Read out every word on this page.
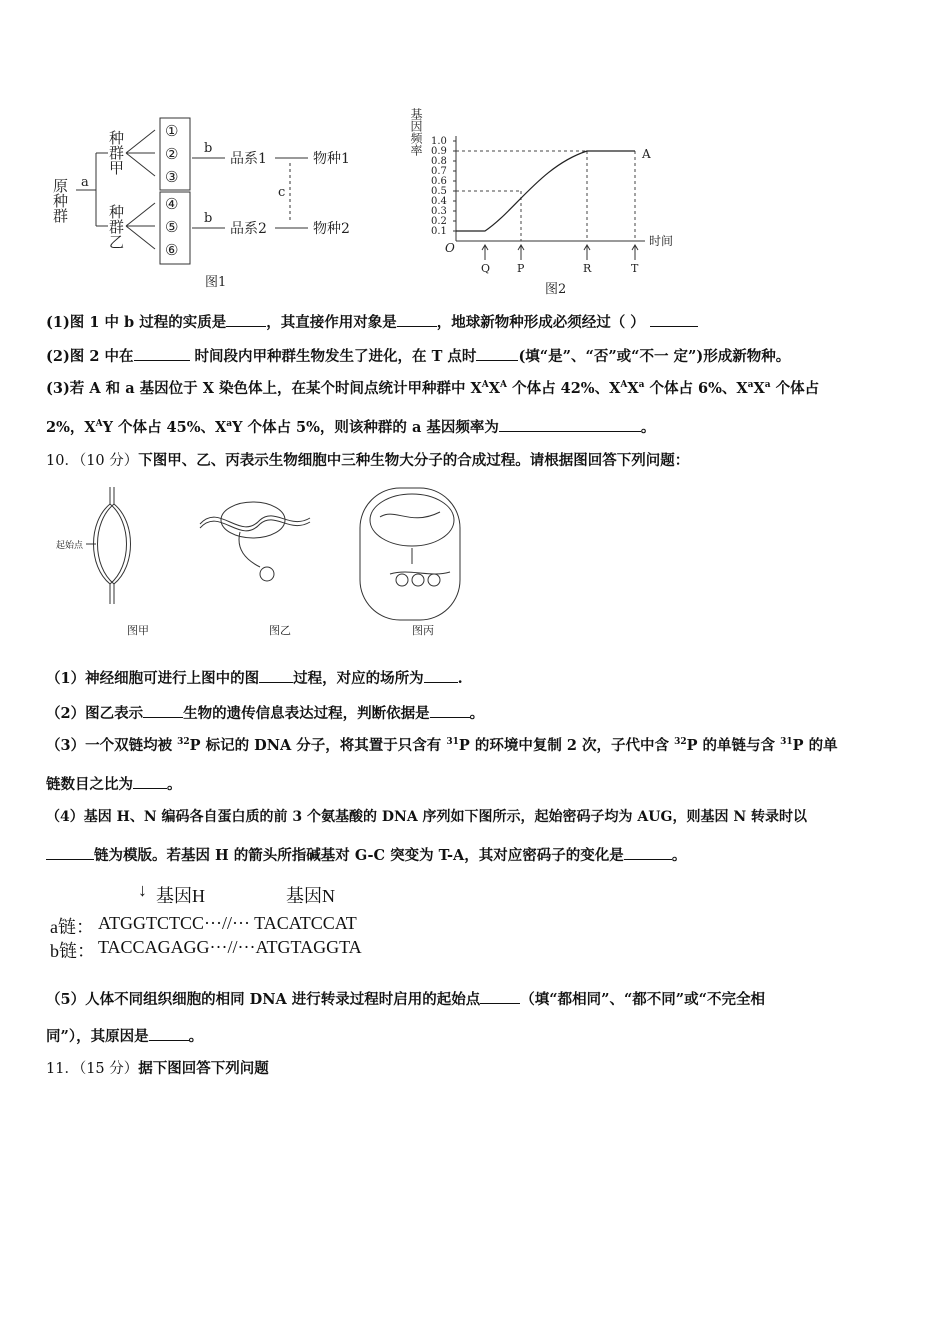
原种群 a
种群甲
种群乙
①
②
③
④
⑤
⑥
b
b
品系1
品系2
物种1
物种2
c
图1
基因频率 1.0
0.9
0.8
0.7
0.6
0.5
0.4
0.3
0.2
0.1
O	时间
A
Q P	R	T
图2
(1)图 1 中 b 过程的实质是	，其直接作用对象是	，地球新物种形成必须经过（ ）
(2)图 2 中在	时间段内甲种群生物发生了进化，在 T 点时	(填“是”、“否”或“不一 定”)形成新物种。
(3)若 A 和 a 基因位于 X 染色体上，在某个时间点统计甲种群中 $X^AX^A$ 个体占 42%、$X^AX^a$ 个体占 6%、$X^aX^a$ 个体占
2%，$X^AY$ 个体占 45%、$X^aY$ 个体占 5%，则该种群的 a 基因频率为	。
10．（10 分）下图甲、乙、丙表示生物细胞中三种生物大分子的合成过程。请根据图回答下列问题：
起始点
图甲	图乙	图丙
（1）神经细胞可进行上图中的图 过程，对应的场所为 .
（2）图乙表示	生物的遗传信息表达过程，判断依据是	。
（3）一个双链均被 $^{32}$P 标记的 DNA 分子，将其置于只含有 $^{31}$P 的环境中复制 2 次，子代中含 $^{32}$P 的单链与含 $^{31}$P 的单
链数目之比为 。
（4）基因 H、N 编码各自蛋白质的前 3 个氨基酸的 DNA 序列如下图所示，起始密码子均为 AUG，则基因 N 转录时以
链为模版。若基因 H 的箭头所指碱基对 G-C 突变为 T-A，其对应密码子的变化是	。
↓ 基因H	基因N
a链： ATGGTCTCC···//··· TACATCCAT
b链： TACCAGAGG···//···ATGTAGGTA
（5）人体不同组织细胞的相同 DNA 进行转录过程时启用的起始点	（填“都相同”、“都不同”或“不完全相
同”），其原因是	。
11．（15 分）据下图回答下列问题
